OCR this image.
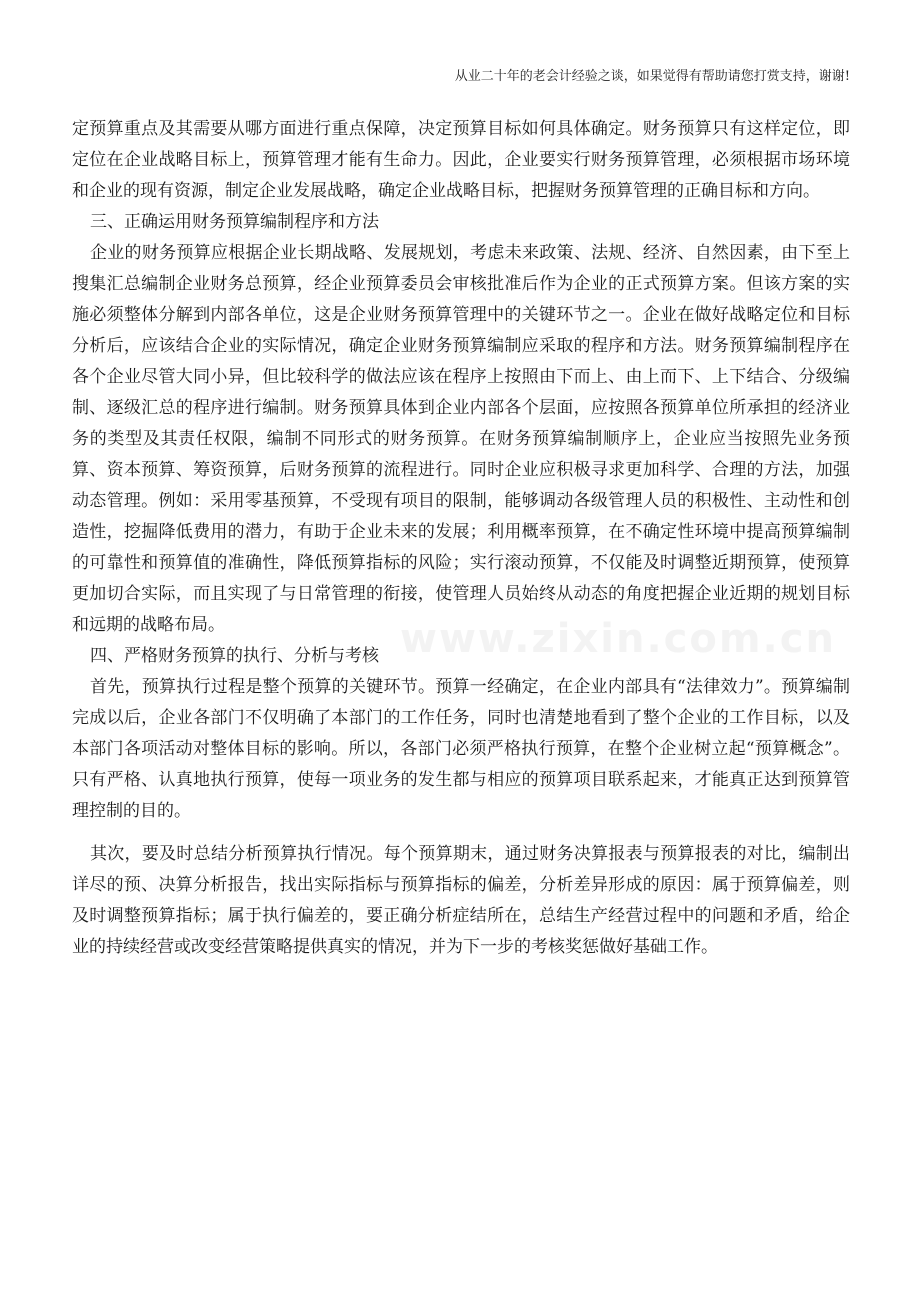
从业二十年的老会计经验之谈，如果觉得有帮助请您打赏支持，谢谢!

定预算重点及其需要从哪方面进行重点保障，决定预算目标如何具体确定。财务预算只有这样定位，即定位在企业战略目标上，预算管理才能有生命力。因此，企业要实行财务预算管理，必须根据市场环境和企业的现有资源，制定企业发展战略，确定企业战略目标，把握财务预算管理的正确目标和方向。

三、正确运用财务预算编制程序和方法

企业的财务预算应根据企业长期战略、发展规划，考虑未来政策、法规、经济、自然因素，由下至上搜集汇总编制企业财务总预算，经企业预算委员会审核批准后作为企业的正式预算方案。但该方案的实施必须整体分解到内部各单位，这是企业财务预算管理中的关键环节之一。企业在做好战略定位和目标分析后，应该结合企业的实际情况，确定企业财务预算编制应采取的程序和方法。财务预算编制程序在各个企业尽管大同小异，但比较科学的做法应该在程序上按照由下而上、由上而下、上下结合、分级编制、逐级汇总的程序进行编制。财务预算具体到企业内部各个层面，应按照各预算单位所承担的经济业务的类型及其责任权限，编制不同形式的财务预算。在财务预算编制顺序上，企业应当按照先业务预算、资本预算、筹资预算，后财务预算的流程进行。同时企业应积极寻求更加科学、合理的方法，加强动态管理。例如：采用零基预算，不受现有项目的限制，能够调动各级管理人员的积极性、主动性和创造性，挖掘降低费用的潜力，有助于企业未来的发展；利用概率预算，在不确定性环境中提高预算编制的可靠性和预算值的准确性，降低预算指标的风险；实行滚动预算，不仅能及时调整近期预算，使预算更加切合实际，而且实现了与日常管理的衔接，使管理人员始终从动态的角度把握企业近期的规划目标和远期的战略布局。

四、严格财务预算的执行、分析与考核

首先，预算执行过程是整个预算的关键环节。预算一经确定，在企业内部具有“法律效力”。预算编制完成以后，企业各部门不仅明确了本部门的工作任务，同时也清楚地看到了整个企业的工作目标，以及本部门各项活动对整体目标的影响。所以，各部门必须严格执行预算，在整个企业树立起“预算概念”。只有严格、认真地执行预算，使每一项业务的发生都与相应的预算项目联系起来，才能真正达到预算管理控制的目的。

其次，要及时总结分析预算执行情况。每个预算期末，通过财务决算报表与预算报表的对比，编制出详尽的预、决算分析报告，找出实际指标与预算指标的偏差，分析差异形成的原因：属于预算偏差，则及时调整预算指标；属于执行偏差的，要正确分析症结所在，总结生产经营过程中的问题和矛盾，给企业的持续经营或改变经营策略提供真实的情况，并为下一步的考核奖惩做好基础工作。

www.zixin.com.cn
